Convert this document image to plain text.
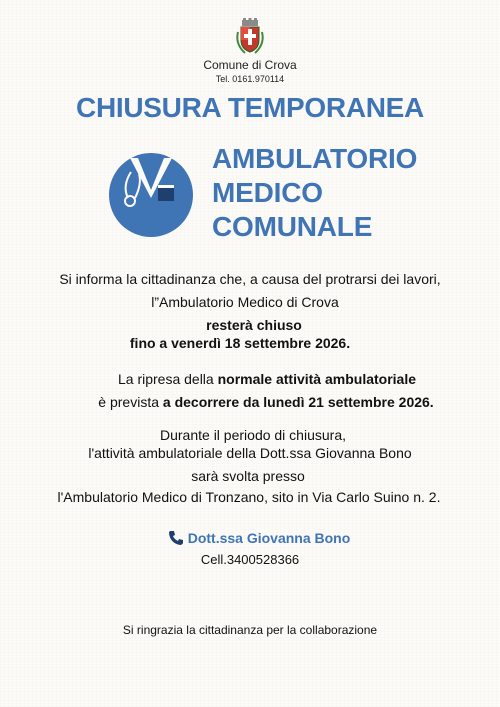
Comune di Crova
Tel. 0161.970114
CHIUSURA TEMPORANEA
AMBULATORIO
MEDICO
COMUNALE
Si informa la cittadinanza che, a causa del protrarsi dei lavori,
l”Ambulatorio Medico di Crova
resterà chiuso
fino a venerdì 18 settembre 2026.
La ripresa della normale attività ambulatoriale
è prevista a decorrere da lunedì 21 settembre 2026.
Durante il periodo di chiusura,
l'attività ambulatoriale della Dott.ssa Giovanna Bono
sarà svolta presso
l'Ambulatorio Medico di Tronzano, sito in Via Carlo Suino n. 2.
Dott.ssa Giovanna Bono
Cell.3400528366
Si ringrazia la cittadinanza per la collaborazione
